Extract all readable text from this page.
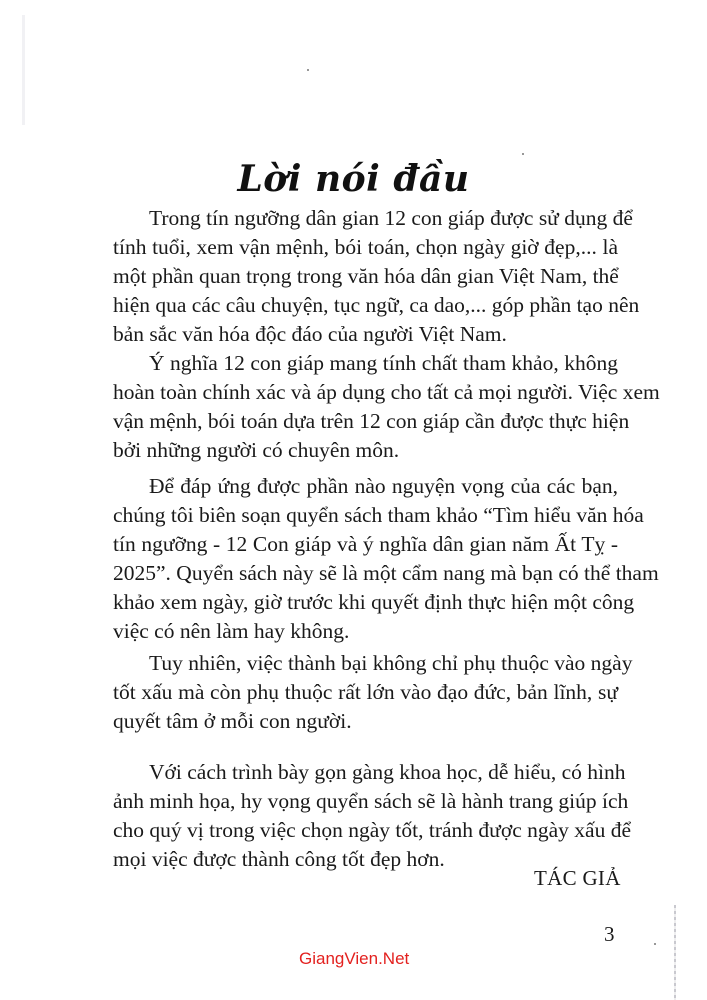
Lời nói đầu
Trong tín ngưỡng dân gian 12 con giáp được sử dụng để
tính tuổi, xem vận mệnh, bói toán, chọn ngày giờ đẹp,... là
một phần quan trọng trong văn hóa dân gian Việt Nam, thể
hiện qua các câu chuyện, tục ngữ, ca dao,... góp phần tạo nên
bản sắc văn hóa độc đáo của người Việt Nam.
Ý nghĩa 12 con giáp mang tính chất tham khảo, không
hoàn toàn chính xác và áp dụng cho tất cả mọi người. Việc xem
vận mệnh, bói toán dựa trên 12 con giáp cần được thực hiện
bởi những người có chuyên môn.
Để đáp ứng được phần nào nguyện vọng của các bạn,
chúng tôi biên soạn quyển sách tham khảo “Tìm hiểu văn hóa
tín ngưỡng - 12 Con giáp và ý nghĩa dân gian năm Ất Tỵ -
2025”. Quyển sách này sẽ là một cẩm nang mà bạn có thể tham
khảo xem ngày, giờ trước khi quyết định thực hiện một công
việc có nên làm hay không.
Tuy nhiên, việc thành bại không chỉ phụ thuộc vào ngày
tốt xấu mà còn phụ thuộc rất lớn vào đạo đức, bản lĩnh, sự
quyết tâm ở mỗi con người.
Với cách trình bày gọn gàng khoa học, dễ hiểu, có hình
ảnh minh họa, hy vọng quyển sách sẽ là hành trang giúp ích
cho quý vị trong việc chọn ngày tốt, tránh được ngày xấu để
mọi việc được thành công tốt đẹp hơn.
TÁC GIẢ
3
GiangVien.Net
